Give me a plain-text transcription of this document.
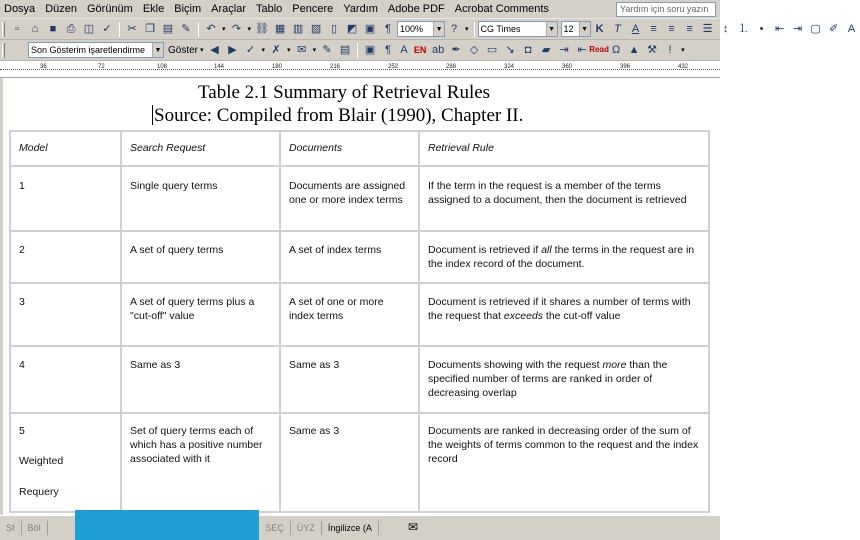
Dosya Düzen Görünüm Ekle Biçim Araçlar Tablo Pencere Yardım Adobe PDF Acrobat Comments	Yardım için soru yazın
▫	⌂	■ ⎙ ◫ ✓	✂ ❐ ▤ ✎	↶ ▾ ↷ ▾ ⛓ ▦ ▥ ▧ ▯ ◩ ▣ ¶	100%	▼ ?	▾ CG Times	▼ 12	▼ K T A	≡	≡	≡ ☰ ↕ ⒈ •	⇤ ⇥ ▢ ✐ A
Son Gösterim işaretlendirme	▼ Göster ▾ ◀ ▶ ✓ ▾ ✗ ▾ ✉ ▾ ✎ ▤ ▣ ¶ A EN ab ✒ ◇ ▭ ↘ ◘ ▰ ⇥ ⇤ Read Ω ▲ ⚒	!	▾
36	72	108	144	180	216	252	288	324	360	396	432
Table 2.1 Summary of Retrieval Rules
Source: Compiled from Blair (1990), Chapter II.
Model	Search Request	Documents	Retrieval Rule
1	Single query terms	Documents are assigned one or more index terms	If the term in the request is a member of the terms assigned to a document, then the document is retrieved
2	A set of query terms	A set of index terms	Document is retrieved if all the terms in the request are in the index record of the document.
3	A set of query terms plus a "cut-off" value	A set of one or more index terms	Document is retrieved if it shares a number of terms with the request that exceeds the cut-off value
4	Same as 3	Same as 3	Documents showing with the request more than the specified number of terms are ranked in order of decreasing overlap
5
Weighted
Requery	Set of query terms each of which has a positive number associated with it	Same as 3	Documents are ranked in decreasing order of the sum of the weights of terms common to the request and the index record
Sf	Böl	SEÇ	ÜYZ	İngilizce (A	✉
